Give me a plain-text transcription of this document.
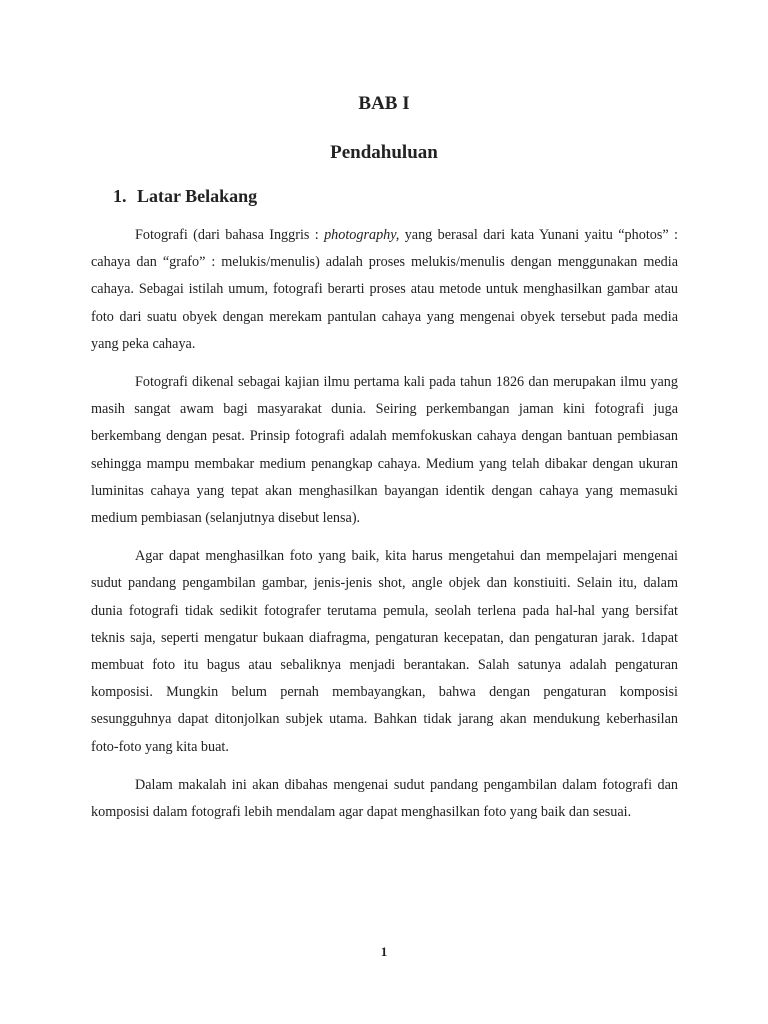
BAB I
Pendahuluan
1. Latar Belakang

Fotografi (dari bahasa Inggris : photography, yang berasal dari kata Yunani yaitu “photos” : cahaya dan “grafo” : melukis/menulis) adalah proses melukis/menulis dengan menggunakan media cahaya. Sebagai istilah umum, fotografi berarti proses atau metode untuk menghasilkan gambar atau foto dari suatu obyek dengan merekam pantulan cahaya yang mengenai obyek tersebut pada media yang peka cahaya.

Fotografi dikenal sebagai kajian ilmu pertama kali pada tahun 1826 dan merupakan ilmu yang masih sangat awam bagi masyarakat dunia. Seiring perkembangan jaman kini fotografi juga berkembang dengan pesat. Prinsip fotografi adalah memfokuskan cahaya dengan bantuan pembiasan sehingga mampu membakar medium penangkap cahaya. Medium yang telah dibakar dengan ukuran luminitas cahaya yang tepat akan menghasilkan bayangan identik dengan cahaya yang memasuki medium pembiasan (selanjutnya disebut lensa).

Agar dapat menghasilkan foto yang baik, kita harus mengetahui dan mempelajari mengenai sudut pandang pengambilan gambar, jenis-jenis shot, angle objek dan konstiuiti. Selain itu, dalam dunia fotografi tidak sedikit fotografer terutama pemula, seolah terlena pada hal-hal yang bersifat teknis saja, seperti mengatur bukaan diafragma, pengaturan kecepatan, dan pengaturan jarak. 1dapat membuat foto itu bagus atau sebaliknya menjadi berantakan. Salah satunya adalah pengaturan komposisi. Mungkin belum pernah membayangkan, bahwa dengan pengaturan komposisi sesungguhnya dapat ditonjolkan subjek utama. Bahkan tidak jarang akan mendukung keberhasilan foto-foto yang kita buat.

Dalam makalah ini akan dibahas mengenai sudut pandang pengambilan dalam fotografi dan komposisi dalam fotografi lebih mendalam agar dapat menghasilkan foto yang baik dan sesuai.

1
